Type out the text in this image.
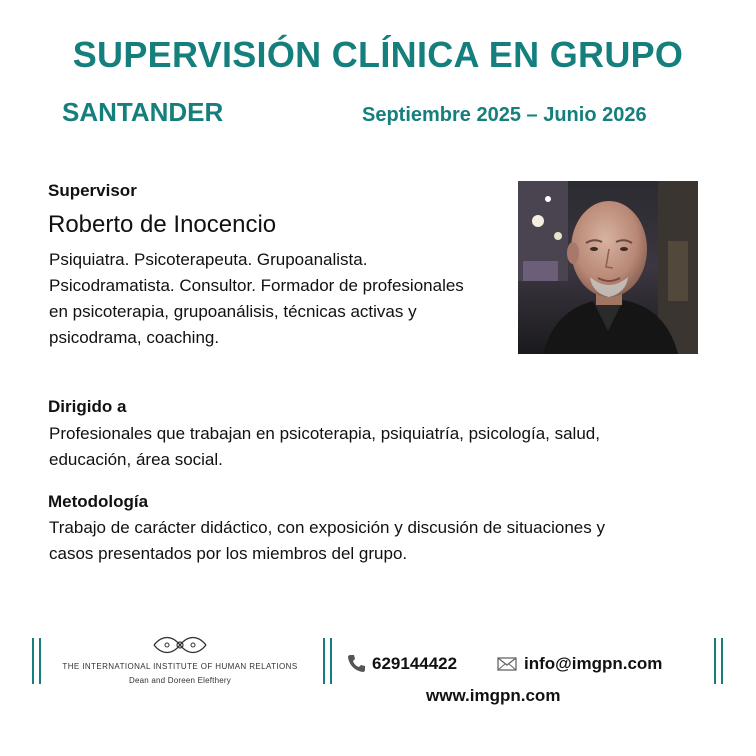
SUPERVISIÓN CLÍNICA EN GRUPO
SANTANDER	Septiembre 2025 – Junio 2026
Supervisor
Roberto de Inocencio
Psiquiatra. Psicoterapeuta. Grupoanalista.
Psicodramatista. Consultor. Formador de profesionales
en psicoterapia, grupoanálisis, técnicas activas y
psicodrama, coaching.
Dirigido a
Profesionales que trabajan en psicoterapia, psiquiatría, psicología, salud,
educación, área social.
Metodología
Trabajo de carácter didáctico, con exposición y discusión de situaciones y
casos presentados por los miembros del grupo.
THE INTERNATIONAL INSTITUTE OF HUMAN RELATIONS
Dean and Doreen Elefthery
629144422	info@imgpn.com
www.imgpn.com
